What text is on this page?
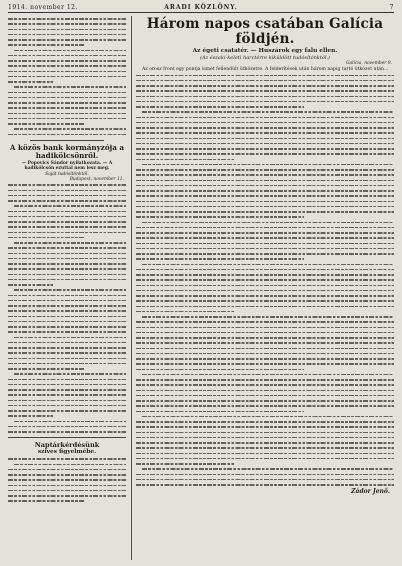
1914. november 12.	ARADI KÖZLÖNY.	7
A közös bank kormányzója a hadikölcsönről.
— Popovics Sándor nyilatkozata. — A hadikölcsön ezuttal nem lesz meg.
Saját tudósítónktól.
Budapest, november 11.
Naptárkérdésünk
szives figyelmébe.
Három napos csatában Galícia földjén.
Az égeti csatatér. — Huszárok egy falu ellen.
(Az északi-keleti harctérre kiküldött tudósítónktól.)
Galícia, november 9.
Az orosz front egy pontja ismét fellendült ütközetre. A felderítések után három napig tartó ütközet után...
Zádor Jenő.
